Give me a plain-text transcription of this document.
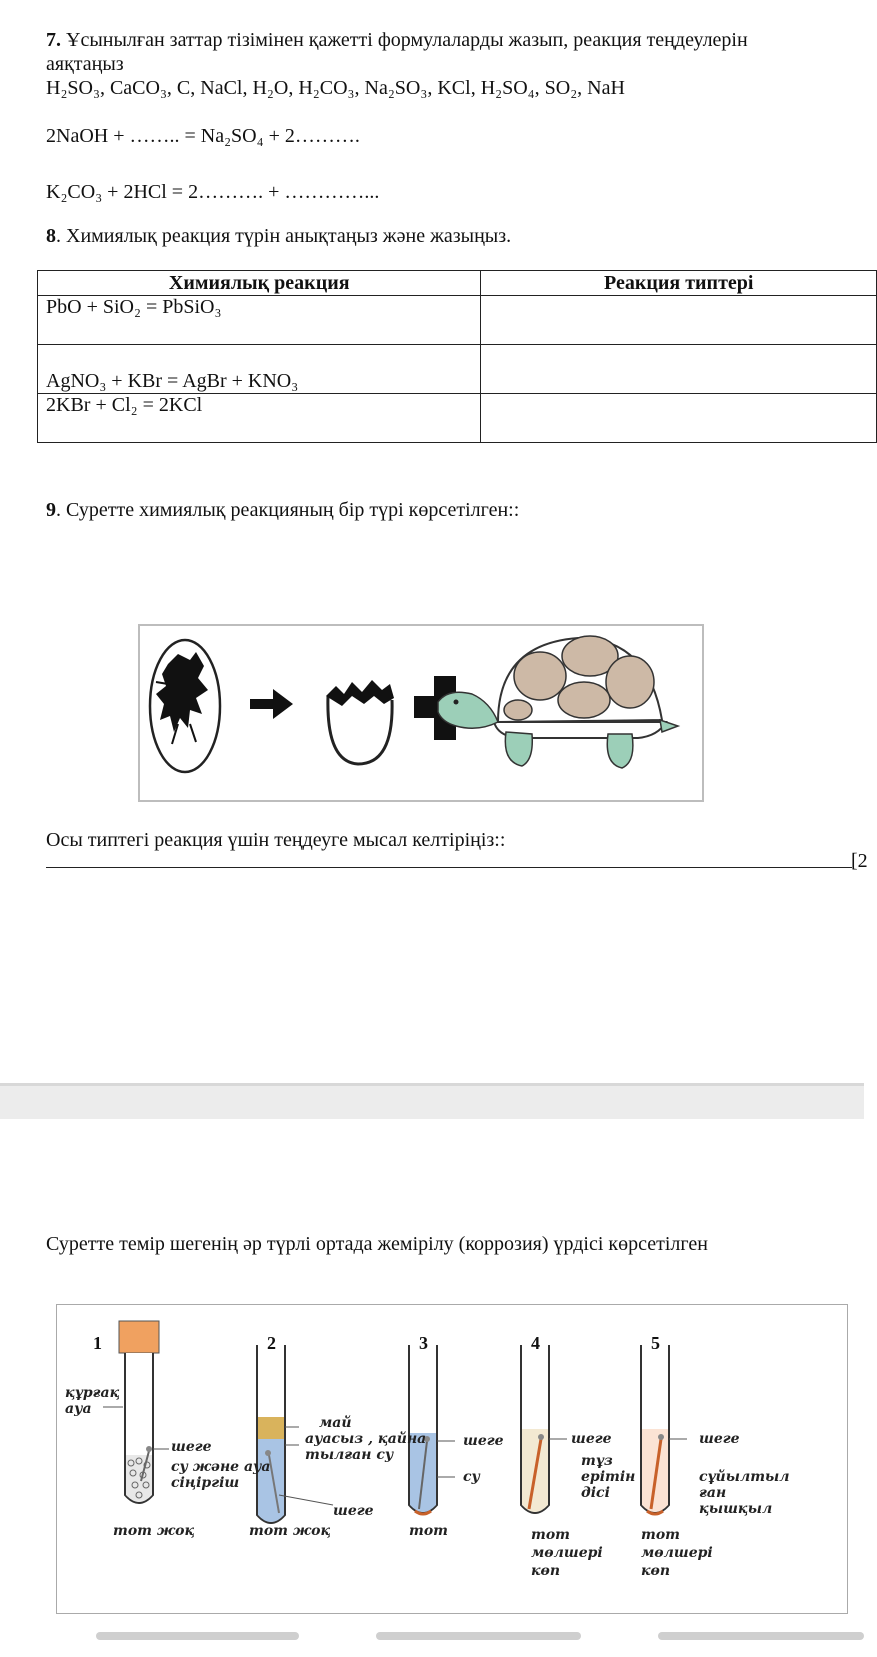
7. Ұсынылған заттар тізімінен қажетті формулаларды жазып, реакция теңдеулерін
аяқтаңыз
H₂SO₃, CaCO₃, C, NaCl, H₂O, H₂CO₃, Na₂SO₃, KCl, H₂SO₄, SO₂, NaH
2NaOH + …….. = Na₂SO₄ + 2……….
K₂CO₃ + 2HCl = 2………. + …………...
8. Химиялық реакция түрін анықтаңыз және жазыңыз.
Химиялық реакция	Реакция типтері
PbO + SiO₂ = PbSiO₃	
AgNO₃ + KBr = AgBr + KNO₃	
2KBr + Cl₂ = 2KCl	
9. Суретте химиялық реакцияның бір түрі көрсетілген::
Осы типтегі реакция үшін теңдеуге мысал келтіріңіз::
[2
Суретте темір шегенің әр түрлі ортада жемірілу (коррозия) үрдісі көрсетілген
1	2	3	4	5
құрғақ
ауа
шеге
су және ауа
сіңіргіш
тот жоқ
май
ауасыз , қайна
тылған су
шеге
тот жоқ
шеге
су
тот
шеге
тұз
ерітін
дісі
тот
мөлшері
көп
шеге
сұйылтыл
ған
қышқыл
тот
мөлшері
көп
